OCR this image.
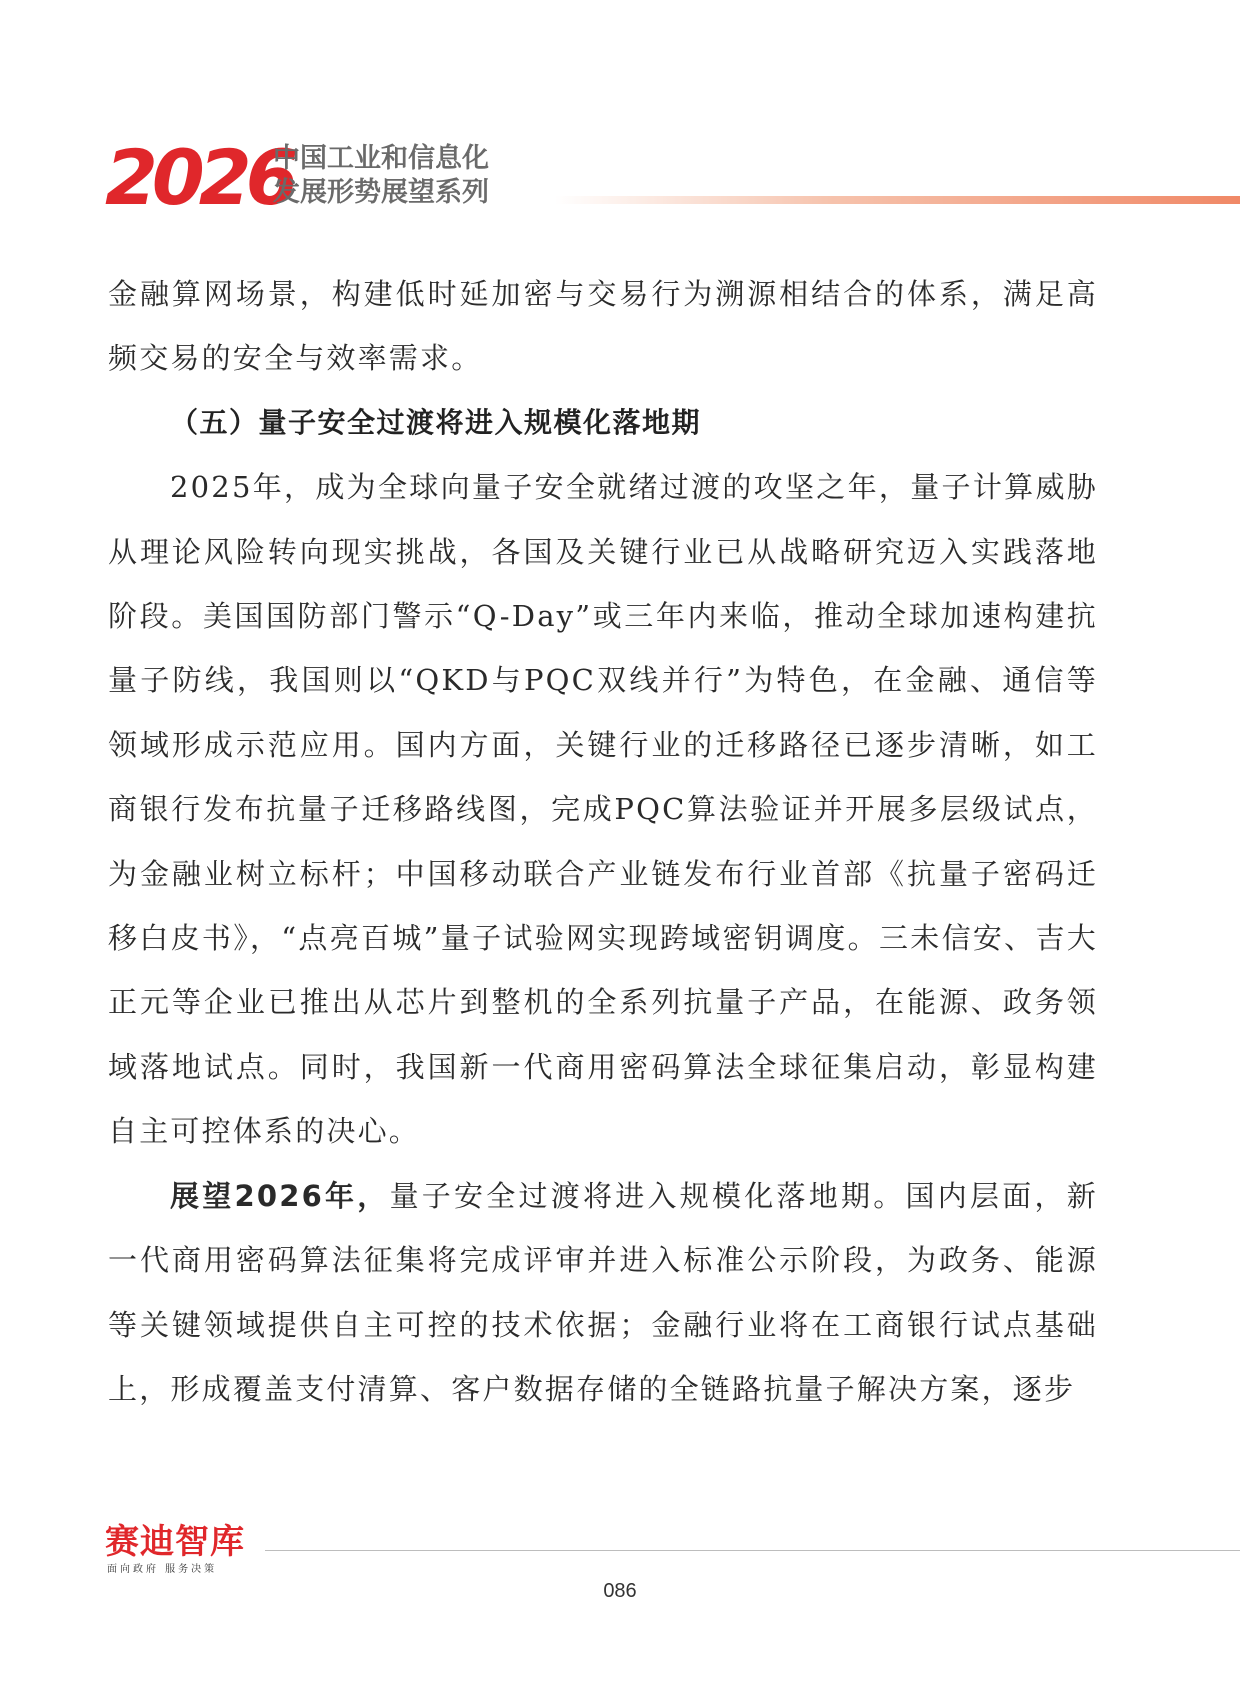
2026
中国工业和信息化
发展形势展望系列

金融算网场景，构建低时延加密与交易行为溯源相结合的体系，满足高频交易的安全与效率需求。

（五）量子安全过渡将进入规模化落地期

2025年，成为全球向量子安全就绪过渡的攻坚之年，量子计算威胁从理论风险转向现实挑战，各国及关键行业已从战略研究迈入实践落地阶段。美国国防部门警示“Q-Day”或三年内来临，推动全球加速构建抗量子防线，我国则以“QKD与PQC双线并行”为特色，在金融、通信等领域形成示范应用。国内方面，关键行业的迁移路径已逐步清晰，如工商银行发布抗量子迁移路线图，完成PQC算法验证并开展多层级试点，为金融业树立标杆；中国移动联合产业链发布行业首部《抗量子密码迁移白皮书》，“点亮百城”量子试验网实现跨域密钥调度。三未信安、吉大正元等企业已推出从芯片到整机的全系列抗量子产品，在能源、政务领域落地试点。同时，我国新一代商用密码算法全球征集启动，彰显构建自主可控体系的决心。

展望2026年，量子安全过渡将进入规模化落地期。国内层面，新一代商用密码算法征集将完成评审并进入标准公示阶段，为政务、能源等关键领域提供自主可控的技术依据；金融行业将在工商银行试点基础上，形成覆盖支付清算、客户数据存储的全链路抗量子解决方案，逐步

赛迪智库
面向政府 服务决策
086
